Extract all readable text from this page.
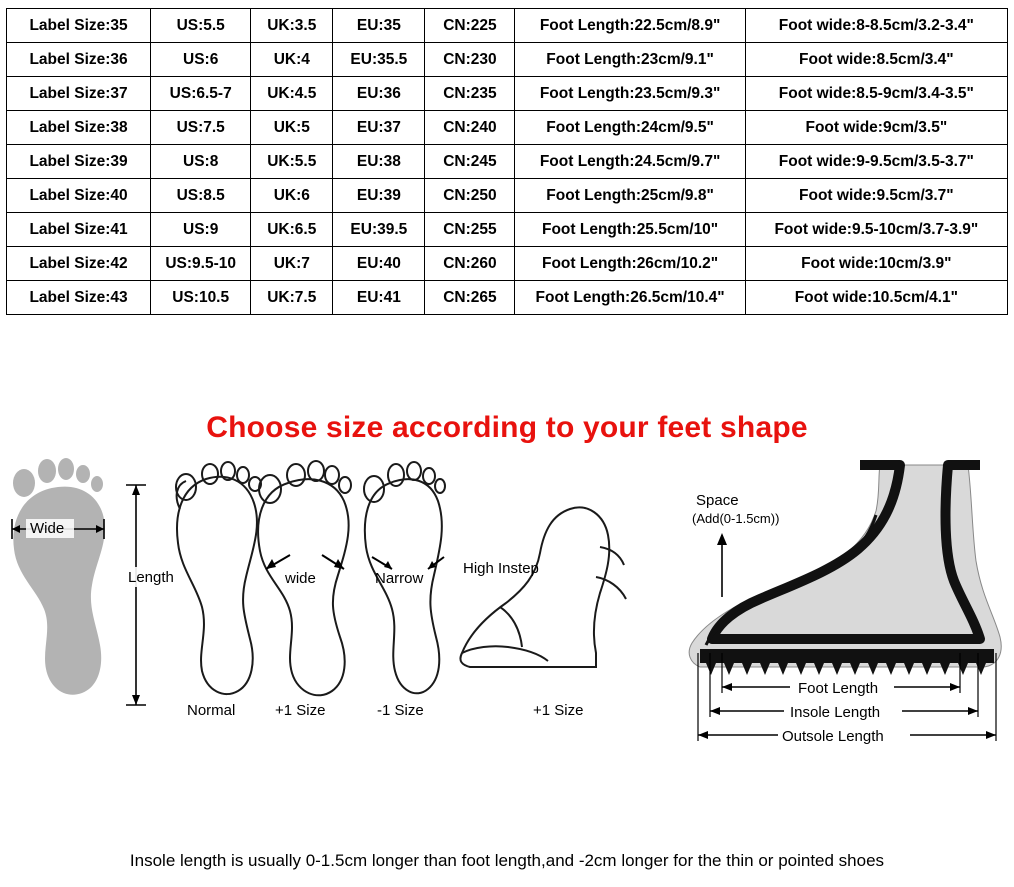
Label Size:35	US:5.5	UK:3.5	EU:35	CN:225	Foot Length:22.5cm/8.9"	Foot wide:8-8.5cm/3.2-3.4"
Label Size:36	US:6	UK:4	EU:35.5	CN:230	Foot Length:23cm/9.1"	Foot wide:8.5cm/3.4"
Label Size:37	US:6.5-7	UK:4.5	EU:36	CN:235	Foot Length:23.5cm/9.3"	Foot wide:8.5-9cm/3.4-3.5"
Label Size:38	US:7.5	UK:5	EU:37	CN:240	Foot Length:24cm/9.5"	Foot wide:9cm/3.5"
Label Size:39	US:8	UK:5.5	EU:38	CN:245	Foot Length:24.5cm/9.7"	Foot wide:9-9.5cm/3.5-3.7"
Label Size:40	US:8.5	UK:6	EU:39	CN:250	Foot Length:25cm/9.8"	Foot wide:9.5cm/3.7"
Label Size:41	US:9	UK:6.5	EU:39.5	CN:255	Foot Length:25.5cm/10"	Foot wide:9.5-10cm/3.7-3.9"
Label Size:42	US:9.5-10	UK:7	EU:40	CN:260	Foot Length:26cm/10.2"	Foot wide:10cm/3.9"
Label Size:43	US:10.5	UK:7.5	EU:41	CN:265	Foot Length:26.5cm/10.4"	Foot wide:10.5cm/4.1"
Choose size according to your feet shape
Wide
Length
Normal
wide
+1 Size
Narrow
-1 Size
High Instep
+1 Size
Space
(Add(0-1.5cm))
Foot Length
Insole Length
Outsole Length
Insole length is usually 0-1.5cm longer than foot length,and -2cm longer for the thin or pointed shoes
